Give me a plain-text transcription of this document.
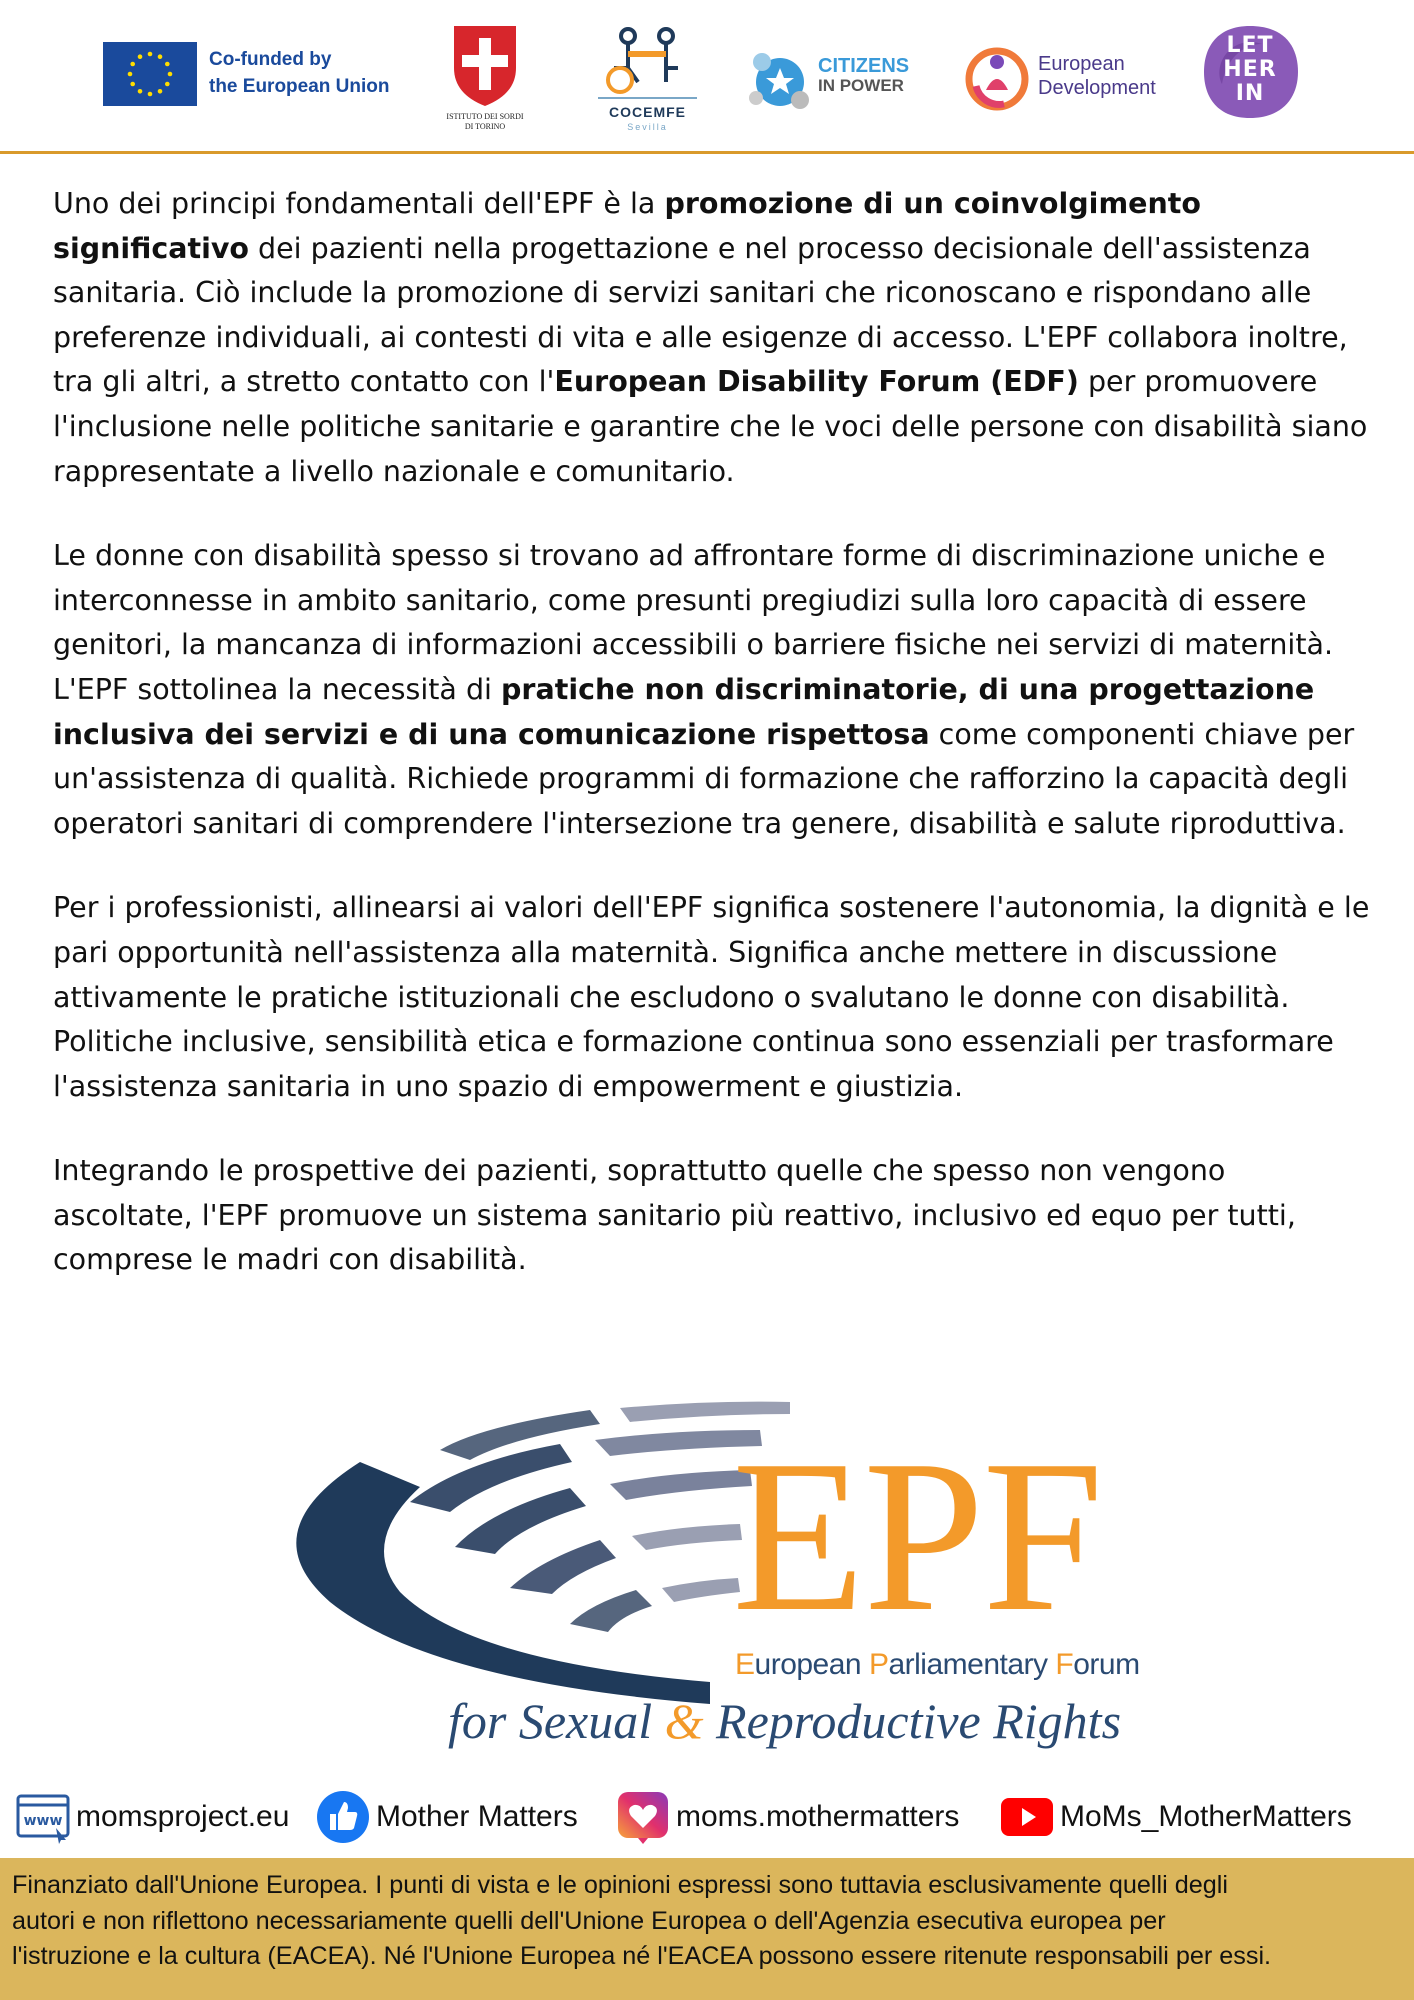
Co-funded by
the European Union
ISTITUTO DEI SORDI
DI TORINO
COCEMFE
Sevilla
CITIZENS
IN POWER
European
Development
LET
HER
IN

Uno dei principi fondamentali dell'EPF è la promozione di un coinvolgimento significativo dei pazienti nella progettazione e nel processo decisionale dell'assistenza sanitaria. Ciò include la promozione di servizi sanitari che riconoscano e rispondano alle preferenze individuali, ai contesti di vita e alle esigenze di accesso. L'EPF collabora inoltre, tra gli altri, a stretto contatto con l'European Disability Forum (EDF) per promuovere l'inclusione nelle politiche sanitarie e garantire che le voci delle persone con disabilità siano rappresentate a livello nazionale e comunitario.

Le donne con disabilità spesso si trovano ad affrontare forme di discriminazione uniche e interconnesse in ambito sanitario, come presunti pregiudizi sulla loro capacità di essere genitori, la mancanza di informazioni accessibili o barriere fisiche nei servizi di maternità. L'EPF sottolinea la necessità di pratiche non discriminatorie, di una progettazione inclusiva dei servizi e di una comunicazione rispettosa come componenti chiave per un'assistenza di qualità. Richiede programmi di formazione che rafforzino la capacità degli operatori sanitari di comprendere l'intersezione tra genere, disabilità e salute riproduttiva.

Per i professionisti, allinearsi ai valori dell'EPF significa sostenere l'autonomia, la dignità e le pari opportunità nell'assistenza alla maternità. Significa anche mettere in discussione attivamente le pratiche istituzionali che escludono o svalutano le donne con disabilità. Politiche inclusive, sensibilità etica e formazione continua sono essenziali per trasformare l'assistenza sanitaria in uno spazio di empowerment e giustizia.

Integrando le prospettive dei pazienti, soprattutto quelle che spesso non vengono ascoltate, l'EPF promuove un sistema sanitario più reattivo, inclusivo ed equo per tutti, comprese le madri con disabilità.

EPF
European Parliamentary Forum
for Sexual & Reproductive Rights
www momsproject.eu	Mother Matters	moms.mothermatters	MoMs_MotherMatters

Finanziato dall'Unione Europea. I punti di vista e le opinioni espressi sono tuttavia esclusivamente quelli degli

autori e non riflettono necessariamente quelli dell'Unione Europea o dell'Agenzia esecutiva europea per

l'istruzione e la cultura (EACEA). Né l'Unione Europea né l'EACEA possono essere ritenute responsabili per essi.
